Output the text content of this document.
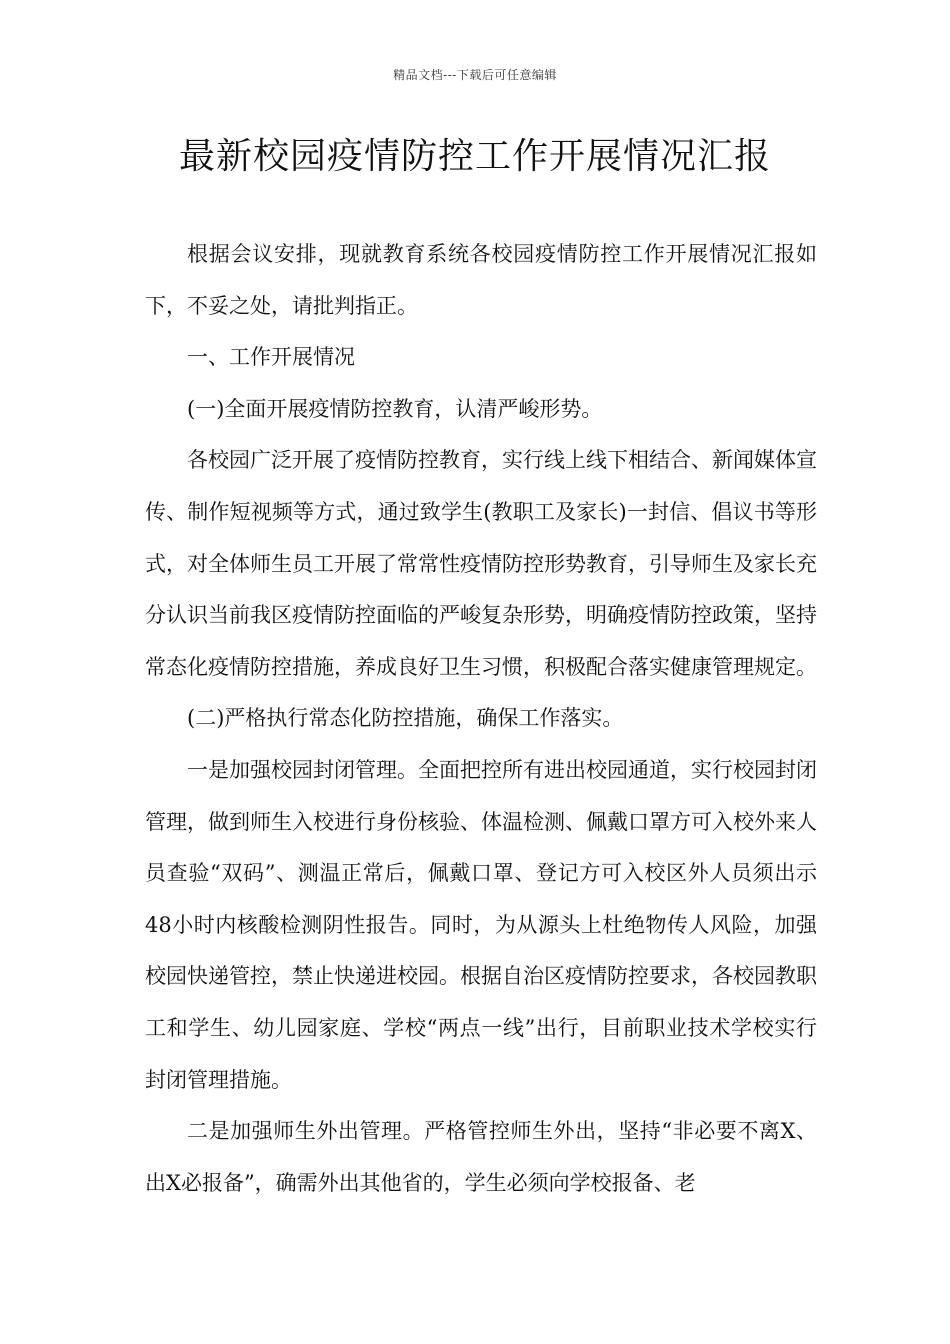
精品文档---下载后可任意编辑
最新校园疫情防控工作开展情况汇报

根据会议安排，现就教育系统各校园疫情防控工作开展情况汇报如下，不妥之处，请批判指正。

一、工作开展情况

(一)全面开展疫情防控教育，认清严峻形势。

各校园广泛开展了疫情防控教育，实行线上线下相结合、新闻媒体宣传、制作短视频等方式，通过致学生(教职工及家长)一封信、倡议书等形式，对全体师生员工开展了常常性疫情防控形势教育，引导师生及家长充分认识当前我区疫情防控面临的严峻复杂形势，明确疫情防控政策，坚持常态化疫情防控措施，养成良好卫生习惯，积极配合落实健康管理规定。

(二)严格执行常态化防控措施，确保工作落实。

一是加强校园封闭管理。全面把控所有进出校园通道，实行校园封闭管理，做到师生入校进行身份核验、体温检测、佩戴口罩方可入校外来人员查验“双码”、测温正常后，佩戴口罩、登记方可入校区外人员须出示48小时内核酸检测阴性报告。同时，为从源头上杜绝物传人风险，加强校园快递管控，禁止快递进校园。根据自治区疫情防控要求，各校园教职工和学生、幼儿园家庭、学校“两点一线”出行，目前职业技术学校实行封闭管理措施。

二是加强师生外出管理。严格管控师生外出，坚持“非必要不离X、出X必报备”，确需外出其他省的，学生必须向学校报备、老
